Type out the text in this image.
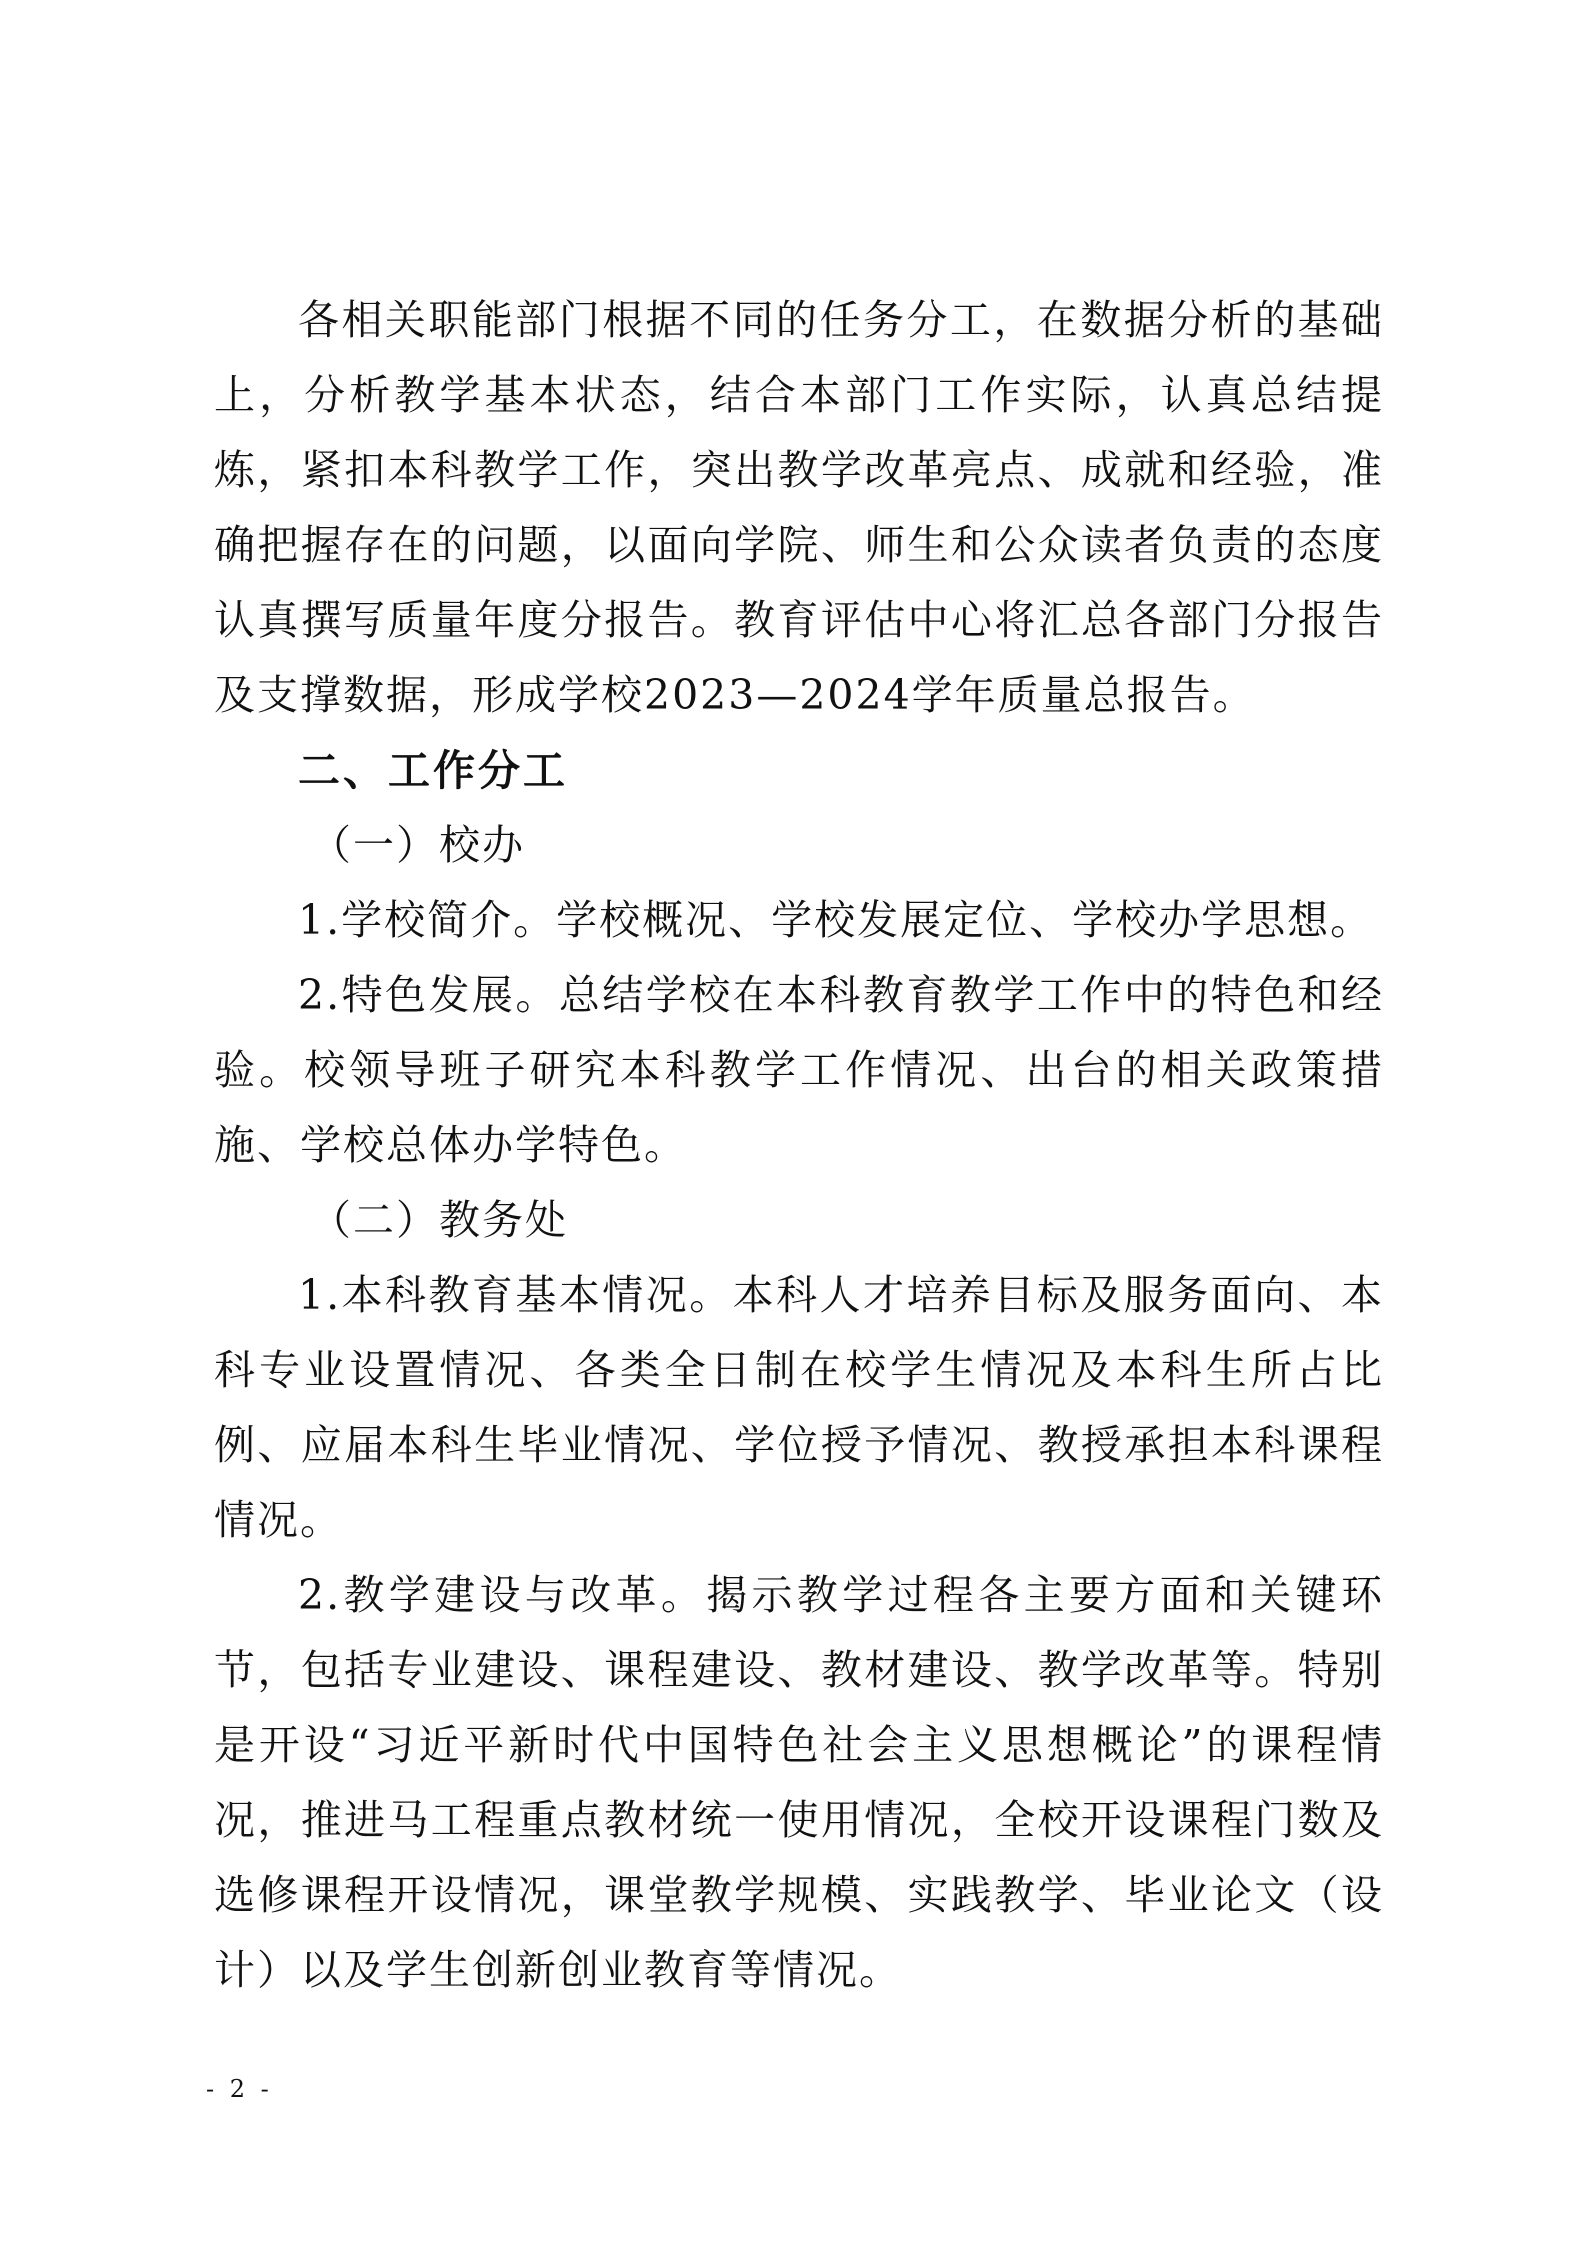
各相关职能部门根据不同的任务分工，在数据分析的基础上，分析教学基本状态，结合本部门工作实际，认真总结提炼，紧扣本科教学工作，突出教学改革亮点、成就和经验，准确把握存在的问题，以面向学院、师生和公众读者负责的态度认真撰写质量年度分报告。教育评估中心将汇总各部门分报告及支撑数据，形成学校2023—2024学年质量总报告。

二、工作分工

（一）校办

1.学校简介。学校概况、学校发展定位、学校办学思想。

2.特色发展。总结学校在本科教育教学工作中的特色和经验。校领导班子研究本科教学工作情况、出台的相关政策措施、学校总体办学特色。

（二）教务处

1.本科教育基本情况。本科人才培养目标及服务面向、本科专业设置情况、各类全日制在校学生情况及本科生所占比例、应届本科生毕业情况、学位授予情况、教授承担本科课程情况。

2.教学建设与改革。揭示教学过程各主要方面和关键环节，包括专业建设、课程建设、教材建设、教学改革等。特别是开设“习近平新时代中国特色社会主义思想概论”的课程情况，推进马工程重点教材统一使用情况，全校开设课程门数及选修课程开设情况，课堂教学规模、实践教学、毕业论文（设计）以及学生创新创业教育等情况。

- 2 -
